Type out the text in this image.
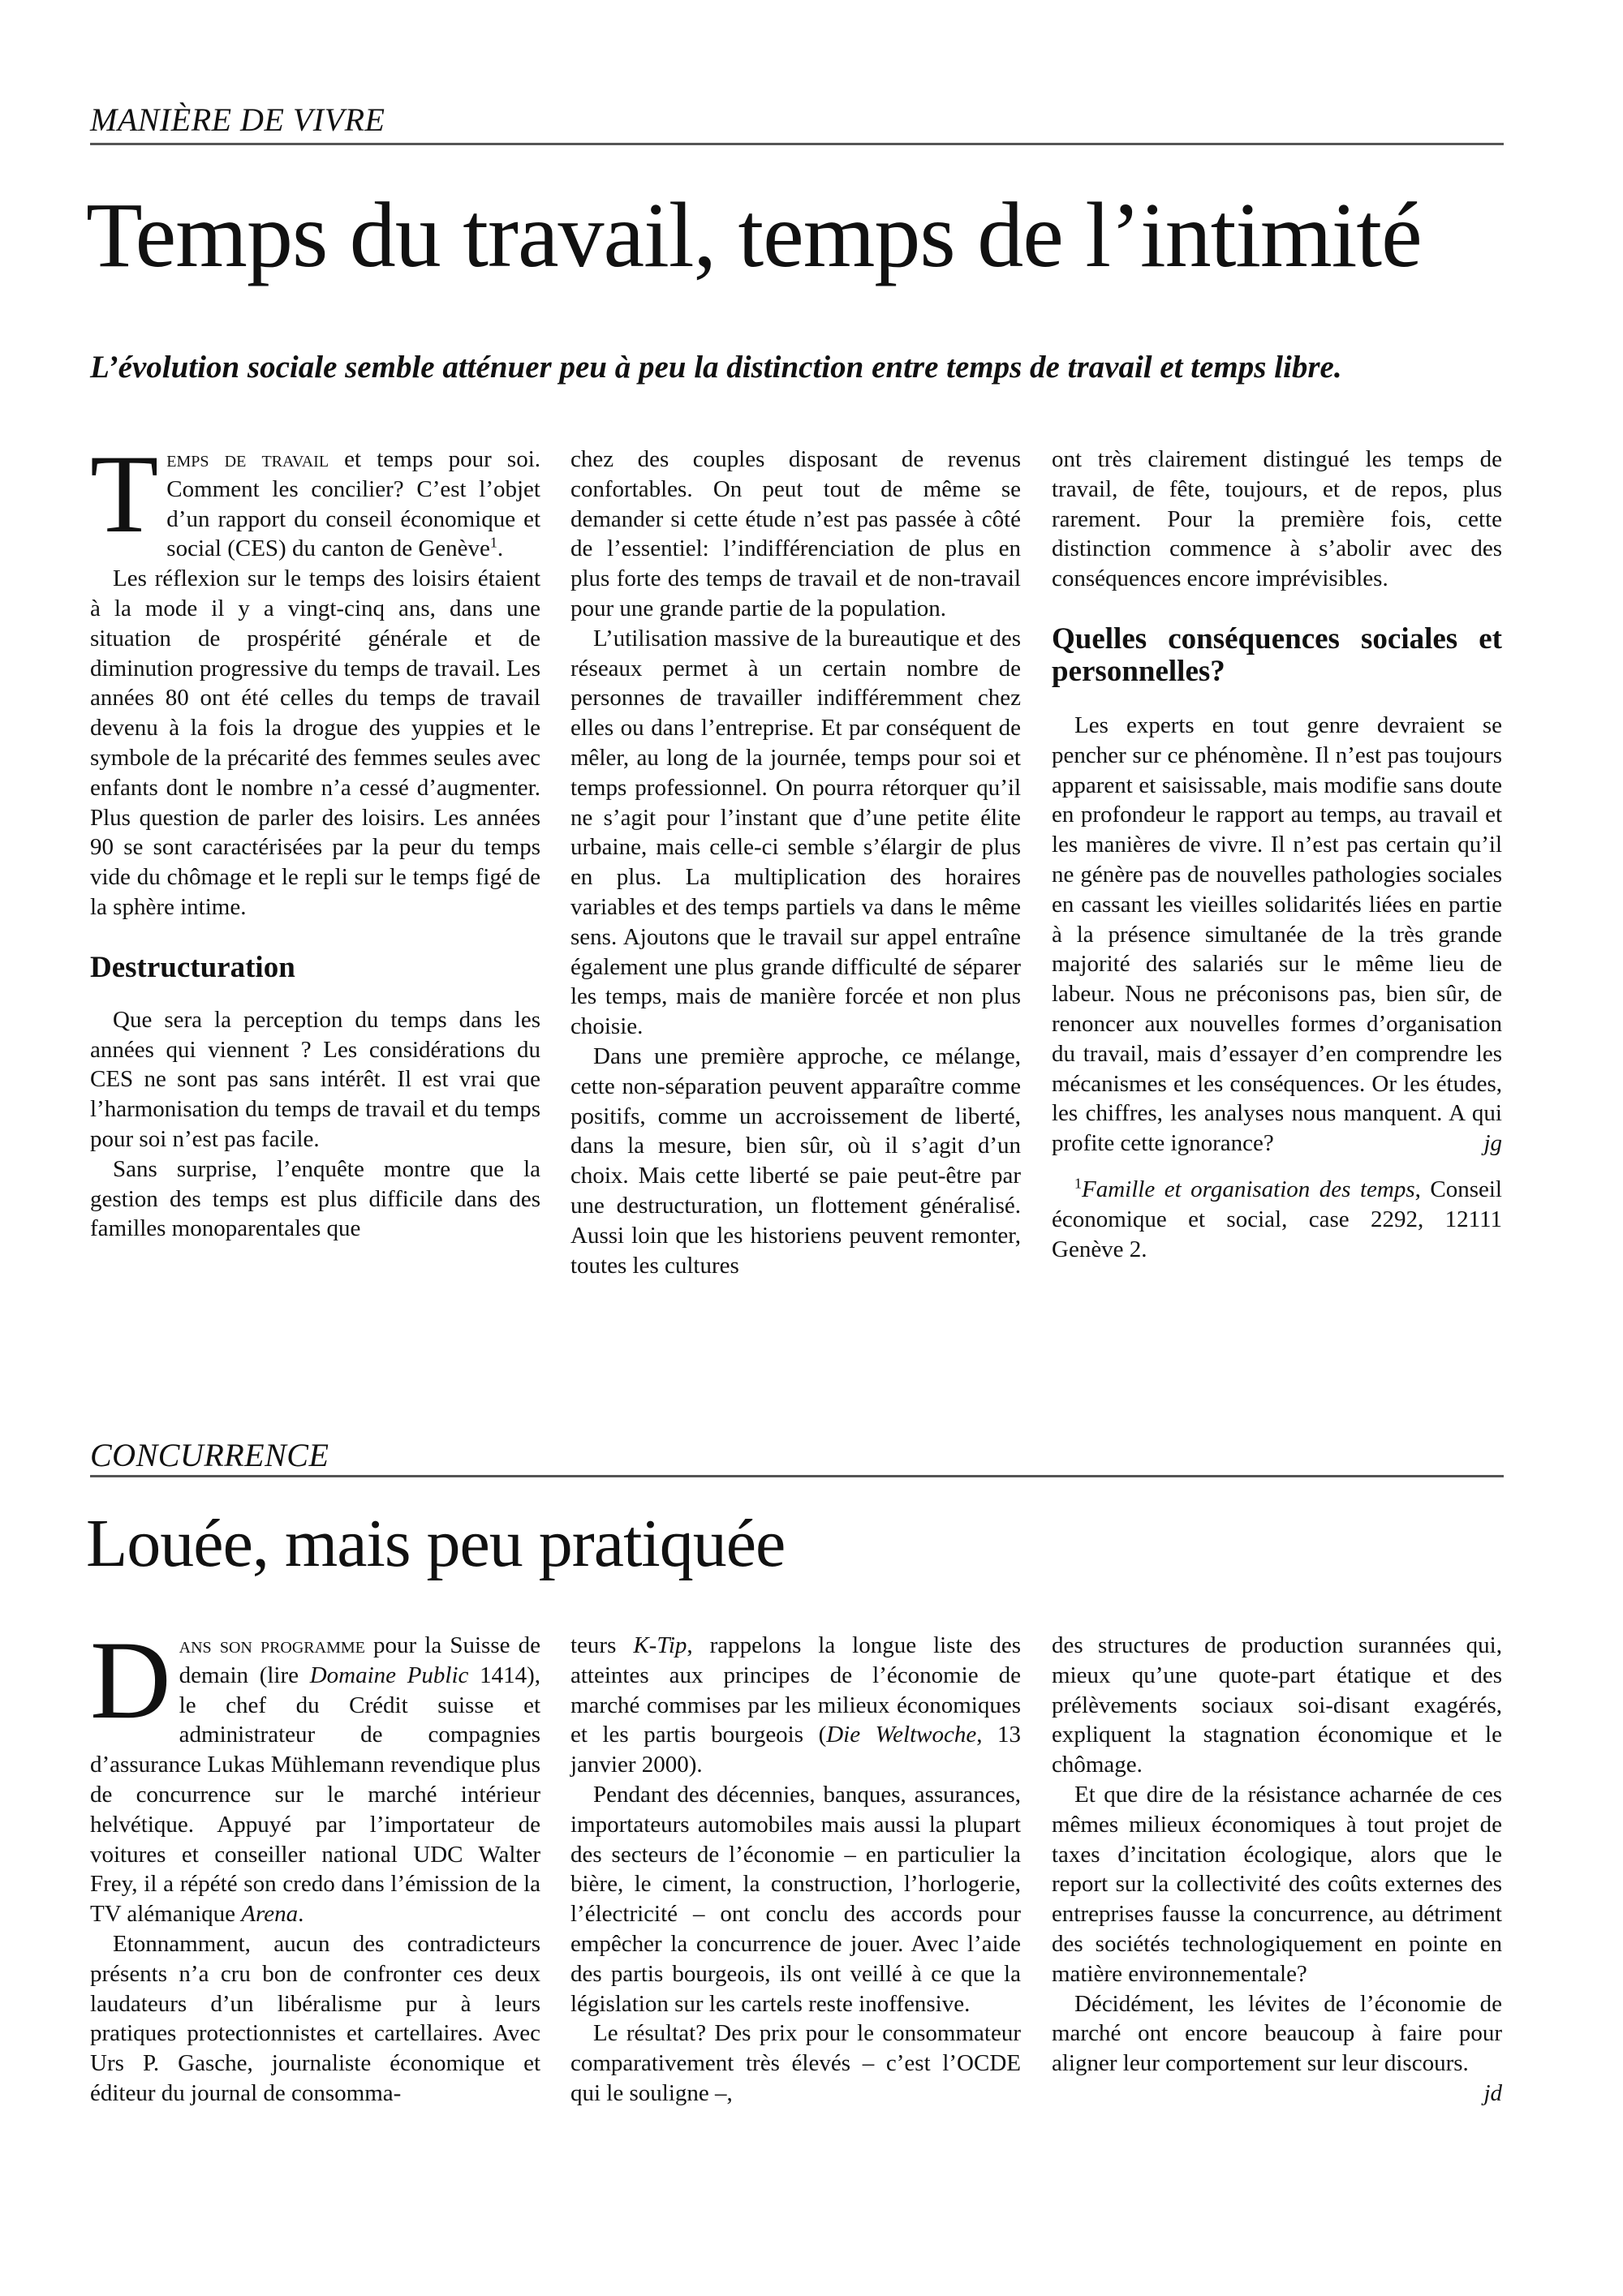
MANIÈRE DE VIVRE
Temps du travail, temps de l’intimité

L’évolution sociale semble atténuer peu à peu la distinction entre temps de travail et temps libre.

Temps de travail et temps pour soi. Comment les concilier? C’est l’objet d’un rapport du conseil économique et social (CES) du canton de Genève$^1$.

Les réflexion sur le temps des loisirs étaient à la mode il y a vingt-cinq ans, dans une situation de prospérité générale et de diminution progressive du temps de travail. Les années 80 ont été celles du temps de travail devenu à la fois la drogue des yuppies et le symbole de la précarité des femmes seules avec enfants dont le nombre n’a cessé d’augmenter. Plus question de parler des loisirs. Les années 90 se sont caractérisées par la peur du temps vide du chômage et le repli sur le temps figé de la sphère intime.

Destructuration

Que sera la perception du temps dans les années qui viennent ? Les considérations du CES ne sont pas sans intérêt. Il est vrai que l’harmonisation du temps de travail et du temps pour soi n’est pas facile.

Sans surprise, l’enquête montre que la gestion des temps est plus difficile dans des familles monoparentales que

chez des couples disposant de revenus confortables. On peut tout de même se demander si cette étude n’est pas passée à côté de l’essentiel: l’indifférenciation de plus en plus forte des temps de travail et de non-travail pour une grande partie de la population.

L’utilisation massive de la bureautique et des réseaux permet à un certain nombre de personnes de travailler indifféremment chez elles ou dans l’entreprise. Et par conséquent de mêler, au long de la journée, temps pour soi et temps professionnel. On pourra rétorquer qu’il ne s’agit pour l’instant que d’une petite élite urbaine, mais celle-ci semble s’élargir de plus en plus. La multiplication des horaires variables et des temps partiels va dans le même sens. Ajoutons que le travail sur appel entraîne également une plus grande difficulté de séparer les temps, mais de manière forcée et non plus choisie.

Dans une première approche, ce mélange, cette non-séparation peuvent apparaître comme positifs, comme un accroissement de liberté, dans la mesure, bien sûr, où il s’agit d’un choix. Mais cette liberté se paie peut-être par une destructuration, un flottement généralisé. Aussi loin que les historiens peuvent remonter, toutes les cultures

ont très clairement distingué les temps de travail, de fête, toujours, et de repos, plus rarement. Pour la première fois, cette distinction commence à s’abolir avec des conséquences encore imprévisibles.

Quelles conséquences sociales et personnelles?

Les experts en tout genre devraient se pencher sur ce phénomène. Il n’est pas toujours apparent et saisissable, mais modifie sans doute en profondeur le rapport au temps, au travail et les manières de vivre. Il n’est pas certain qu’il ne génère pas de nouvelles pathologies sociales en cassant les vieilles solidarités liées en partie à la présence simultanée de la très grande majorité des salariés sur le même lieu de labeur. Nous ne préconisons pas, bien sûr, de renoncer aux nouvelles formes d’organisation du travail, mais d’essayer d’en comprendre les mécanismes et les conséquences. Or les études, les chiffres, les analyses nous manquent. A qui profite cette ignorance?	jg

$^1$Famille et organisation des temps, Conseil économique et social, case 2292, 12111 Genève 2.

CONCURRENCE
Louée, mais peu pratiquée

Dans son programme pour la Suisse de demain (lire Domaine Public 1414), le chef du Crédit suisse et administrateur de compagnies d’assurance Lukas Mühlemann revendique plus de concurrence sur le marché intérieur helvétique. Appuyé par l’importateur de voitures et conseiller national UDC Walter Frey, il a répété son credo dans l’émission de la TV alémanique Arena.

Etonnamment, aucun des contradicteurs présents n’a cru bon de confronter ces deux laudateurs d’un libéralisme pur à leurs pratiques protectionnistes et cartellaires. Avec Urs P. Gasche, journaliste économique et éditeur du journal de consomma-

teurs K-Tip, rappelons la longue liste des atteintes aux principes de l’économie de marché commises par les milieux économiques et les partis bourgeois (Die Weltwoche, 13 janvier 2000).

Pendant des décennies, banques, assurances, importateurs automobiles mais aussi la plupart des secteurs de l’économie – en particulier la bière, le ciment, la construction, l’horlogerie, l’électricité – ont conclu des accords pour empêcher la concurrence de jouer. Avec l’aide des partis bourgeois, ils ont veillé à ce que la législation sur les cartels reste inoffensive.

Le résultat? Des prix pour le consommateur comparativement très élevés – c’est l’OCDE qui le souligne –,

des structures de production surannées qui, mieux qu’une quote-part étatique et des prélèvements sociaux soi-disant exagérés, expliquent la stagnation économique et le chômage.

Et que dire de la résistance acharnée de ces mêmes milieux économiques à tout projet de taxes d’incitation écologique, alors que le report sur la collectivité des coûts externes des entreprises fausse la concurrence, au détriment des sociétés technologiquement en pointe en matière environnementale?

Décidément, les lévites de l’économie de marché ont encore beaucoup à faire pour aligner leur comportement sur leur discours.
jd
